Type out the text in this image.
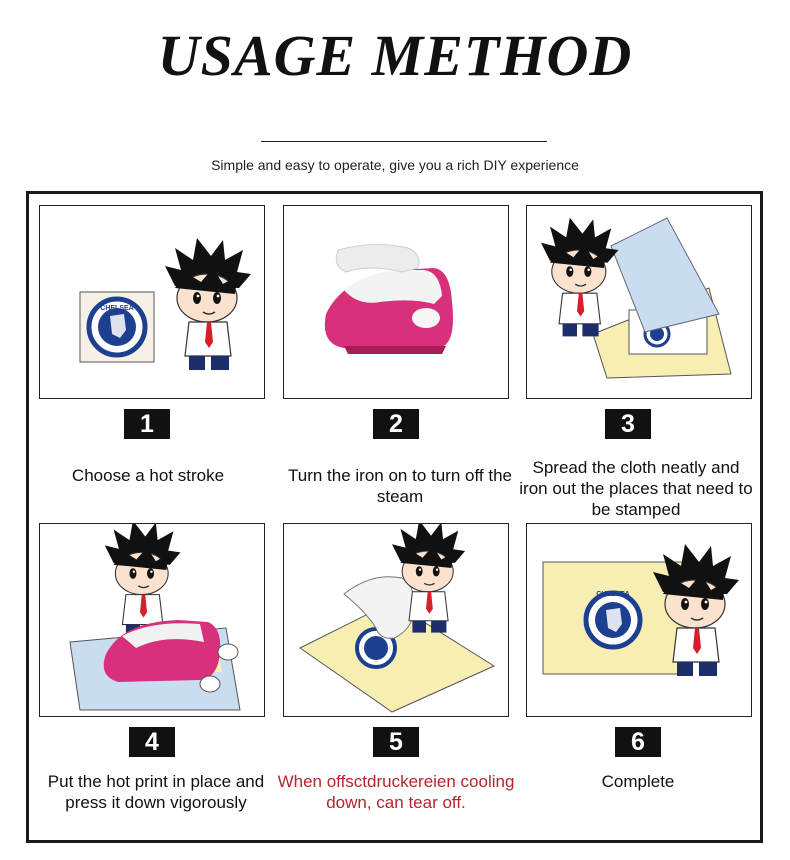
USAGE METHOD
Simple and easy to operate, give you a rich DIY experience
CHELSEA
1
Choose a hot stroke
2
Turn the iron on to turn off the steam
3
Spread the cloth neatly and iron out the places that need to be stamped
4
Put the hot print in place and press it down vigorously
5
When offsctdruckereien cooling down, can tear off.
CHELSEA
6
Complete
